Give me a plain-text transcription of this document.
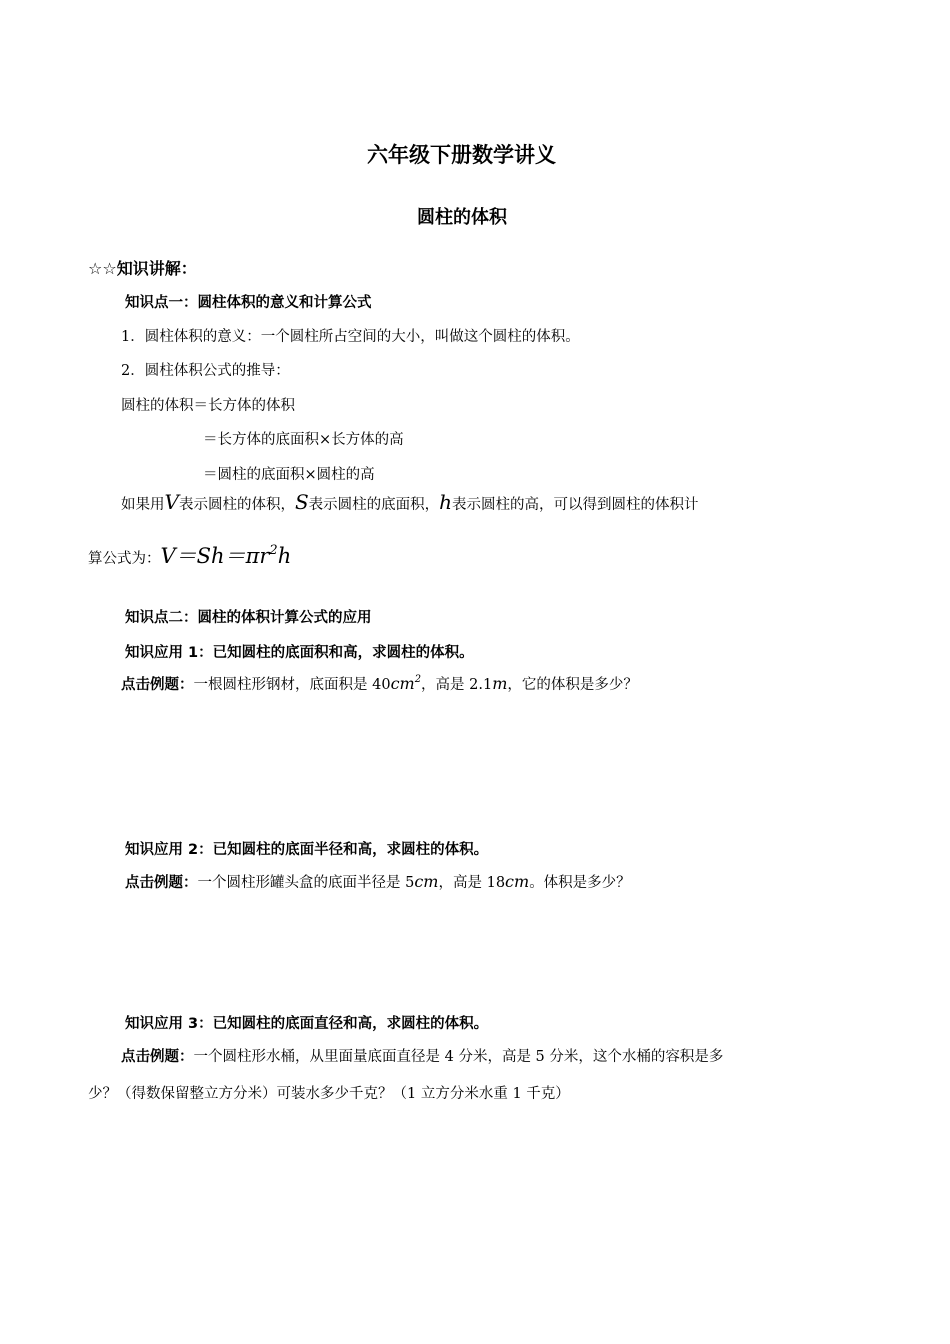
六年级下册数学讲义
圆柱的体积
☆☆知识讲解：
知识点一：圆柱体积的意义和计算公式
1．圆柱体积的意义：一个圆柱所占空间的大小，叫做这个圆柱的体积。
2．圆柱体积公式的推导：
圆柱的体积＝长方体的体积
＝长方体的底面积×长方体的高
＝圆柱的底面积×圆柱的高
如果用V表示圆柱的体积，S表示圆柱的底面积，h表示圆柱的高，可以得到圆柱的体积计
算公式为：$V=Sh=\pi r^2h$
知识点二：圆柱的体积计算公式的应用
知识应用 1：已知圆柱的底面积和高，求圆柱的体积。
点击例题：一根圆柱形钢材，底面积是 $40cm^2$，高是 2.1m，它的体积是多少？
知识应用 2：已知圆柱的底面半径和高，求圆柱的体积。
点击例题：一个圆柱形罐头盒的底面半径是 5cm，高是 18cm。体积是多少？
知识应用 3：已知圆柱的底面直径和高，求圆柱的体积。
点击例题：一个圆柱形水桶，从里面量底面直径是 4 分米，高是 5 分米，这个水桶的容积是多
少？（得数保留整立方分米）可装水多少千克？（1 立方分米水重 1 千克）
